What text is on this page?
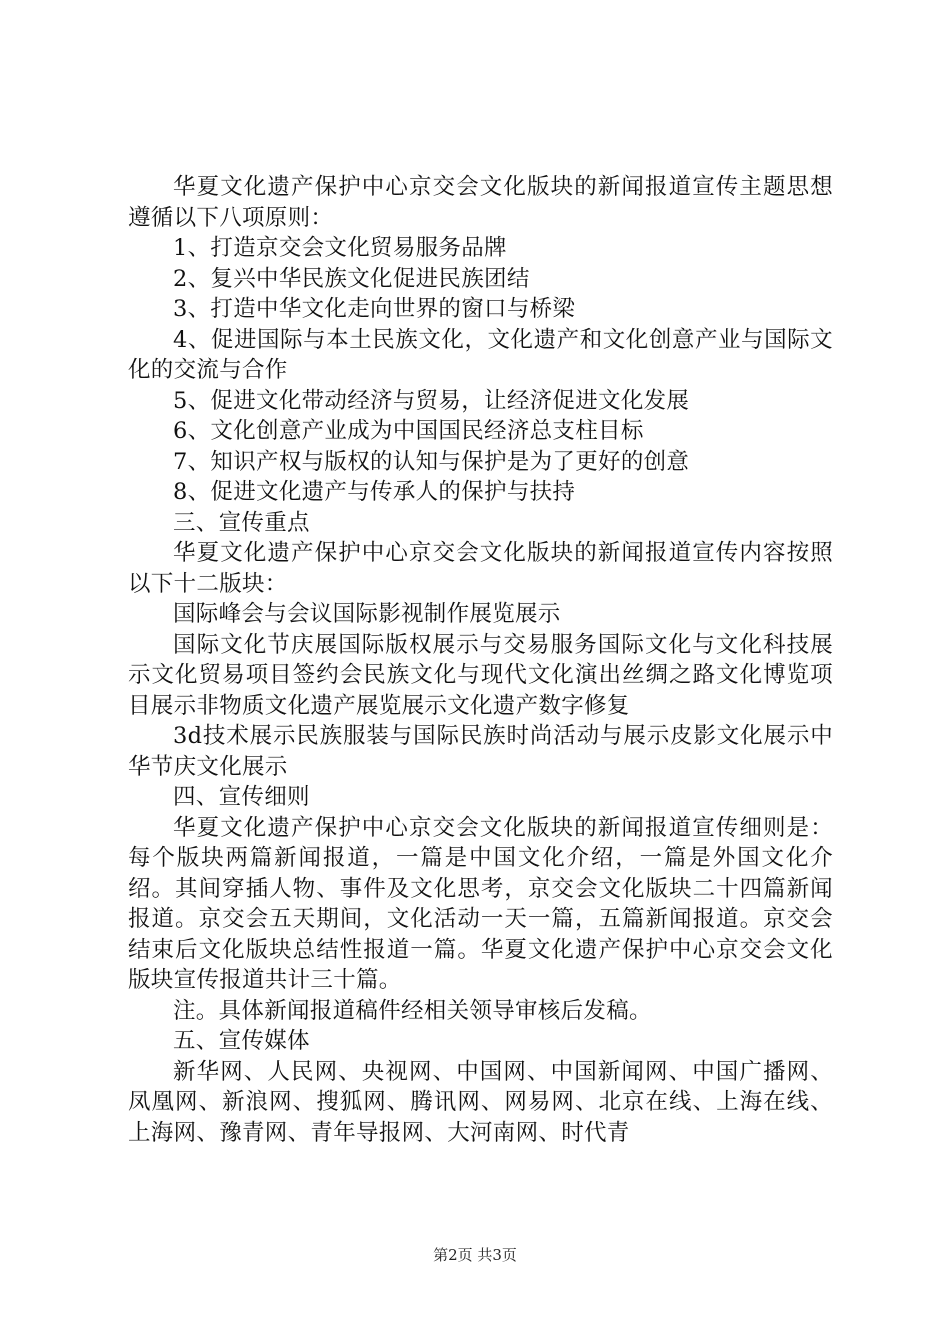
华夏文化遗产保护中心京交会文化版块的新闻报道宣传主题思想遵循以下八项原则：

1、打造京交会文化贸易服务品牌

2、复兴中华民族文化促进民族团结

3、打造中华文化走向世界的窗口与桥梁

4、促进国际与本土民族文化，文化遗产和文化创意产业与国际文化的交流与合作

5、促进文化带动经济与贸易，让经济促进文化发展

6、文化创意产业成为中国国民经济总支柱目标

7、知识产权与版权的认知与保护是为了更好的创意

8、促进文化遗产与传承人的保护与扶持

三、宣传重点

华夏文化遗产保护中心京交会文化版块的新闻报道宣传内容按照以下十二版块：

国际峰会与会议国际影视制作展览展示

国际文化节庆展国际版权展示与交易服务国际文化与文化科技展示文化贸易项目签约会民族文化与现代文化演出丝绸之路文化博览项目展示非物质文化遗产展览展示文化遗产数字修复

3d技术展示民族服装与国际民族时尚活动与展示皮影文化展示中华节庆文化展示

四、宣传细则

华夏文化遗产保护中心京交会文化版块的新闻报道宣传细则是：每个版块两篇新闻报道，一篇是中国文化介绍，一篇是外国文化介绍。其间穿插人物、事件及文化思考，京交会文化版块二十四篇新闻报道。京交会五天期间，文化活动一天一篇，五篇新闻报道。京交会结束后文化版块总结性报道一篇。华夏文化遗产保护中心京交会文化版块宣传报道共计三十篇。

注。具体新闻报道稿件经相关领导审核后发稿。

五、宣传媒体

新华网、人民网、央视网、中国网、中国新闻网、中国广播网、凤凰网、新浪网、搜狐网、腾讯网、网易网、北京在线、上海在线、上海网、豫青网、青年导报网、大河南网、时代青

第2页 共3页
